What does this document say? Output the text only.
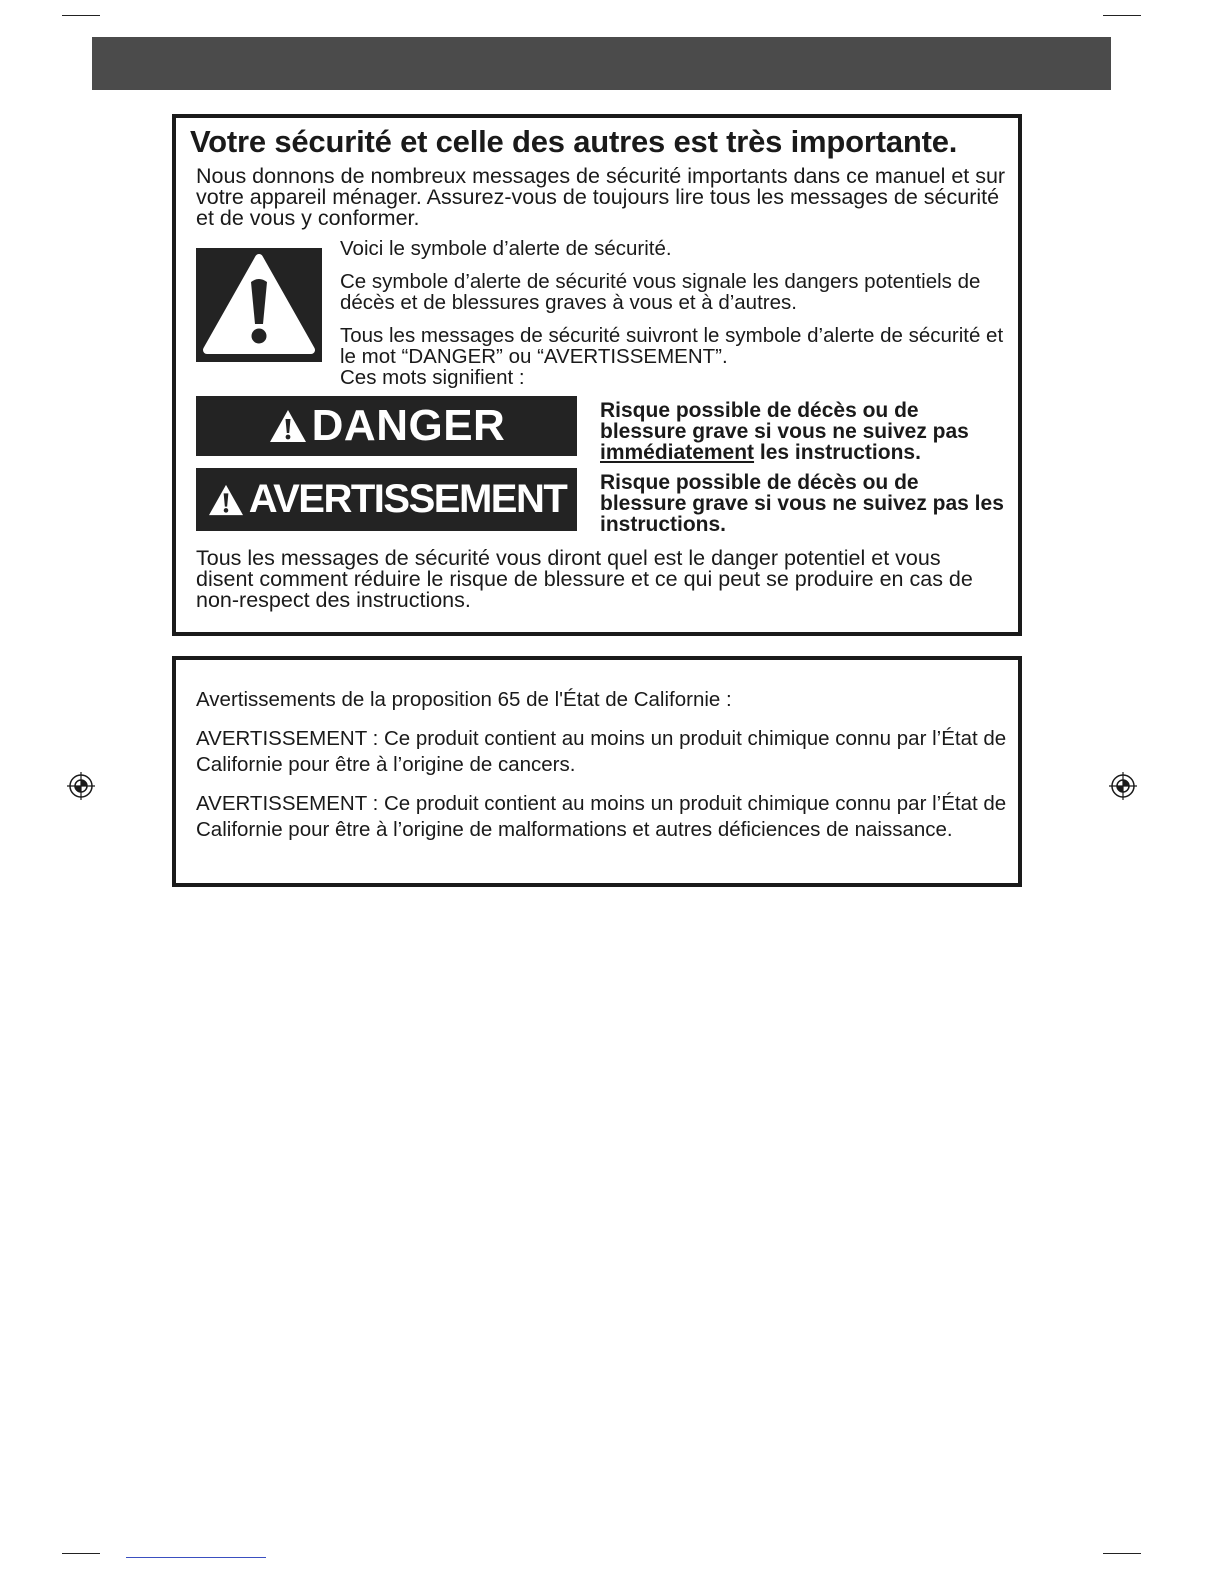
Votre sécurité et celle des autres est très importante.

Nous donnons de nombreux messages de sécurité importants dans ce manuel et sur votre appareil ménager. Assurez-vous de toujours lire tous les messages de sécurité et de vous y conformer.

Voici le symbole d’alerte de sécurité.

Ce symbole d’alerte de sécurité vous signale les dangers potentiels de décès et de blessures graves à vous et à d’autres.

Tous les messages de sécurité suivront le symbole d’alerte de sécurité et le mot “DANGER” ou “AVERTISSEMENT”.

Ces mots signifient :

DANGER	Risque possible de décès ou de blessure grave si vous ne suivez pas immédiatement les instructions.
AVERTISSEMENT Risque possible de décès ou de blessure grave si vous ne suivez pas les instructions.

Tous les messages de sécurité vous diront quel est le danger potentiel et vous disent comment réduire le risque de blessure et ce qui peut se produire en cas de non-respect des instructions.

Avertissements de la proposition 65 de l'État de Californie :

AVERTISSEMENT : Ce produit contient au moins un produit chimique connu par l’État de Californie pour être à l’origine de cancers.

AVERTISSEMENT : Ce produit contient au moins un produit chimique connu par l’État de Californie pour être à l’origine de malformations et autres déficiences de naissance.
